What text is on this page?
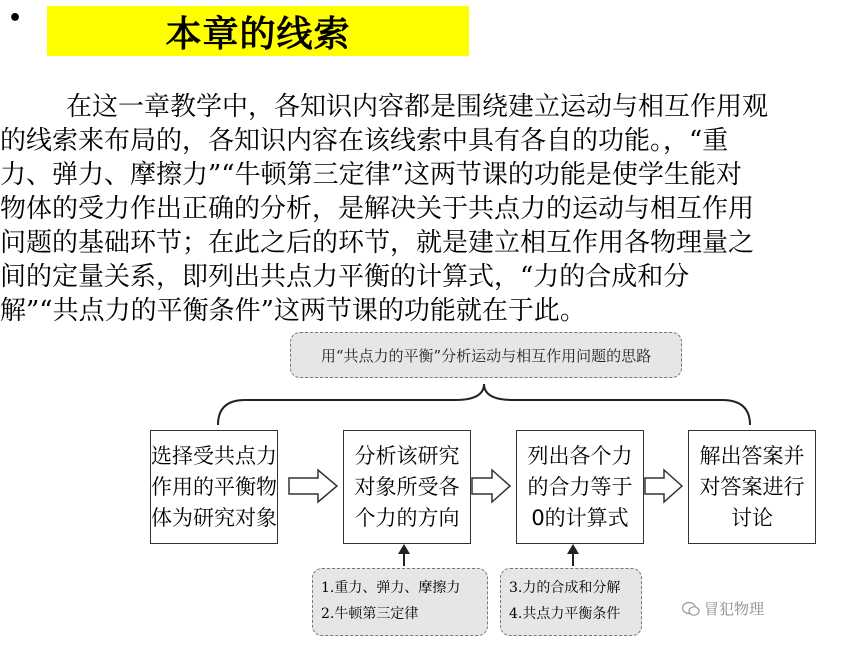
•	本章的线索
在这一章教学中，各知识内容都是围绕建立运动与相互作用观
的线索来布局的，各知识内容在该线索中具有各自的功能。，“重
力、弹力、摩擦力”“牛顿第三定律”这两节课的功能是使学生能对
物体的受力作出正确的分析，是解决关于共点力的运动与相互作用
问题的基础环节；在此之后的环节，就是建立相互作用各物理量之
间的定量关系，即列出共点力平衡的计算式，“力的合成和分
解”“共点力的平衡条件”这两节课的功能就在于此。
用“共点力的平衡”分析运动与相互作用问题的思路
选择受共点力
作用的平衡物
体为研究对象
分析该研究
对象所受各
个力的方向
列出各个力
的合力等于
0的计算式
解出答案并
对答案进行
讨论
1.重力、弹力、摩擦力
2.牛顿第三定律
3.力的合成和分解
4.共点力平衡条件	冒犯物理
